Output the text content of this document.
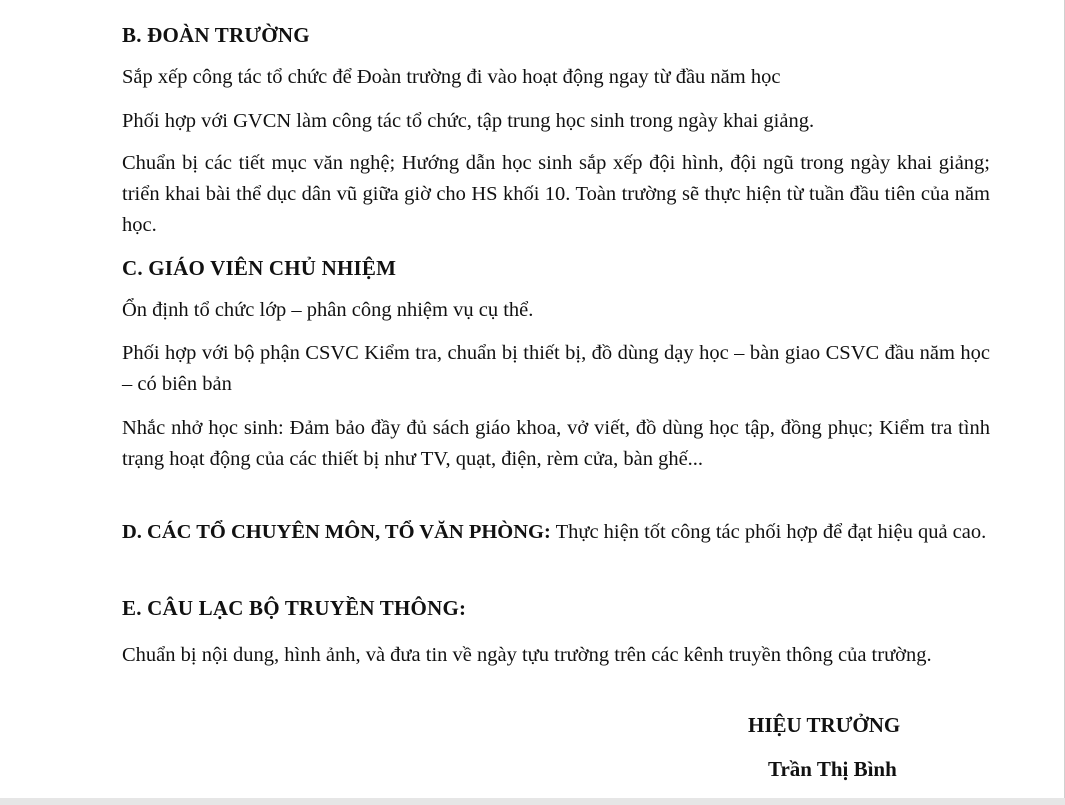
B. ĐOÀN TRƯỜNG
Sắp xếp công tác tổ chức để Đoàn trường đi vào hoạt động ngay từ đầu năm học
Phối hợp với GVCN làm công tác tổ chức, tập trung học sinh trong ngày khai giảng.
Chuẩn bị các tiết mục văn nghệ; Hướng dẫn học sinh sắp xếp đội hình, đội ngũ trong ngày khai giảng; triển khai bài thể dục dân vũ giữa giờ cho HS khối 10. Toàn trường sẽ thực hiện từ tuần đầu tiên của năm học.
C. GIÁO VIÊN CHỦ NHIỆM
Ổn định tổ chức lớp – phân công nhiệm vụ cụ thể.
Phối hợp với bộ phận CSVC Kiểm tra, chuẩn bị thiết bị, đồ dùng dạy học – bàn giao CSVC đầu năm học – có biên bản
Nhắc nhở học sinh: Đảm bảo đầy đủ sách giáo khoa, vở viết, đồ dùng học tập, đồng phục; Kiểm tra tình trạng hoạt động của các thiết bị như TV, quạt, điện, rèm cửa, bàn ghế...
D. CÁC TỔ CHUYÊN MÔN, TỔ VĂN PHÒNG: Thực hiện tốt công tác phối hợp để đạt hiệu quả cao.
E. CÂU LẠC BỘ TRUYỀN THÔNG:
Chuẩn bị nội dung, hình ảnh, và đưa tin về ngày tựu trường trên các kênh truyền thông của trường.
HIỆU TRƯỞNG
Trần Thị Bình
